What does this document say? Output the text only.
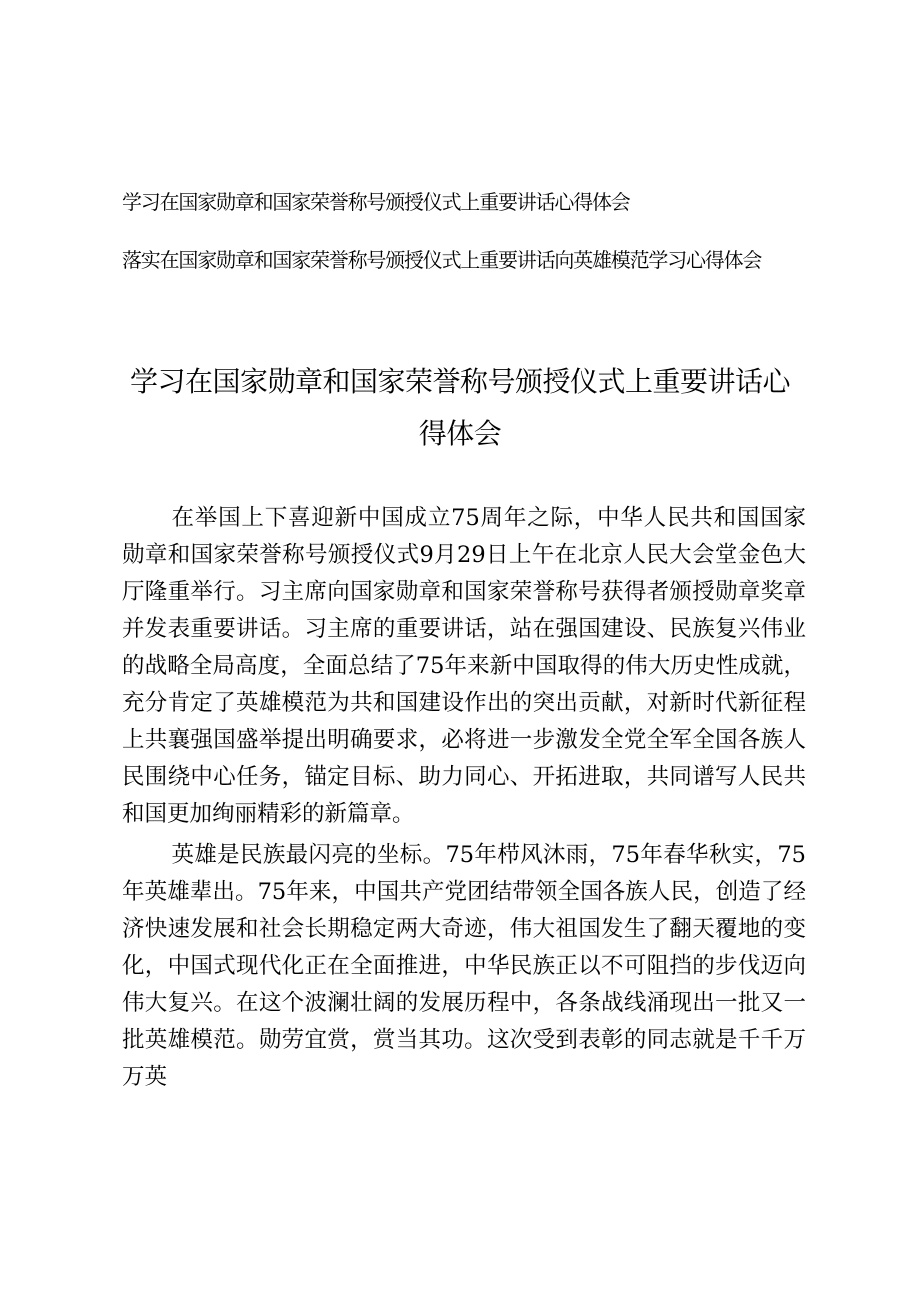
学习在国家勋章和国家荣誉称号颁授仪式上重要讲话心得体会

落实在国家勋章和国家荣誉称号颁授仪式上重要讲话向英雄模范学习心得体会

学习在国家勋章和国家荣誉称号颁授仪式上重要讲话心得体会

在举国上下喜迎新中国成立75周年之际，中华人民共和国国家勋章和国家荣誉称号颁授仪式9月29日上午在北京人民大会堂金色大厅隆重举行。习主席向国家勋章和国家荣誉称号获得者颁授勋章奖章并发表重要讲话。习主席的重要讲话，站在强国建设、民族复兴伟业的战略全局高度，全面总结了75年来新中国取得的伟大历史性成就，充分肯定了英雄模范为共和国建设作出的突出贡献，对新时代新征程上共襄强国盛举提出明确要求，必将进一步激发全党全军全国各族人民围绕中心任务，锚定目标、助力同心、开拓进取，共同谱写人民共和国更加绚丽精彩的新篇章。

英雄是民族最闪亮的坐标。75年栉风沐雨，75年春华秋实，75年英雄辈出。75年来，中国共产党团结带领全国各族人民，创造了经济快速发展和社会长期稳定两大奇迹，伟大祖国发生了翻天覆地的变化，中国式现代化正在全面推进，中华民族正以不可阻挡的步伐迈向伟大复兴。在这个波澜壮阔的发展历程中，各条战线涌现出一批又一批英雄模范。勋劳宜赏，赏当其功。这次受到表彰的同志就是千千万万英
